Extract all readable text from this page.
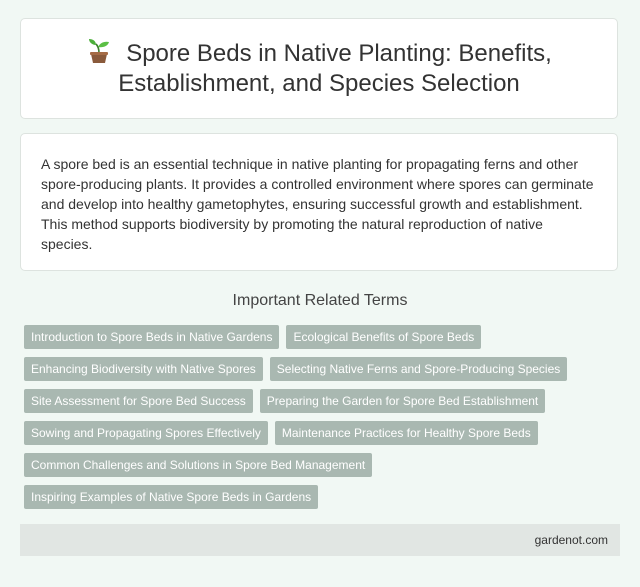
Spore Beds in Native Planting: Benefits, Establishment, and Species Selection

A spore bed is an essential technique in native planting for propagating ferns and other spore-producing plants. It provides a controlled environment where spores can germinate and develop into healthy gametophytes, ensuring successful growth and establishment. This method supports biodiversity by promoting the natural reproduction of native species.

Important Related Terms
Introduction to Spore Beds in Native Gardens	Ecological Benefits of Spore Beds
Enhancing Biodiversity with Native Spores	Selecting Native Ferns and Spore-Producing Species
Site Assessment for Spore Bed Success	Preparing the Garden for Spore Bed Establishment
Sowing and Propagating Spores Effectively	Maintenance Practices for Healthy Spore Beds
Common Challenges and Solutions in Spore Bed Management
Inspiring Examples of Native Spore Beds in Gardens
gardenot.com
